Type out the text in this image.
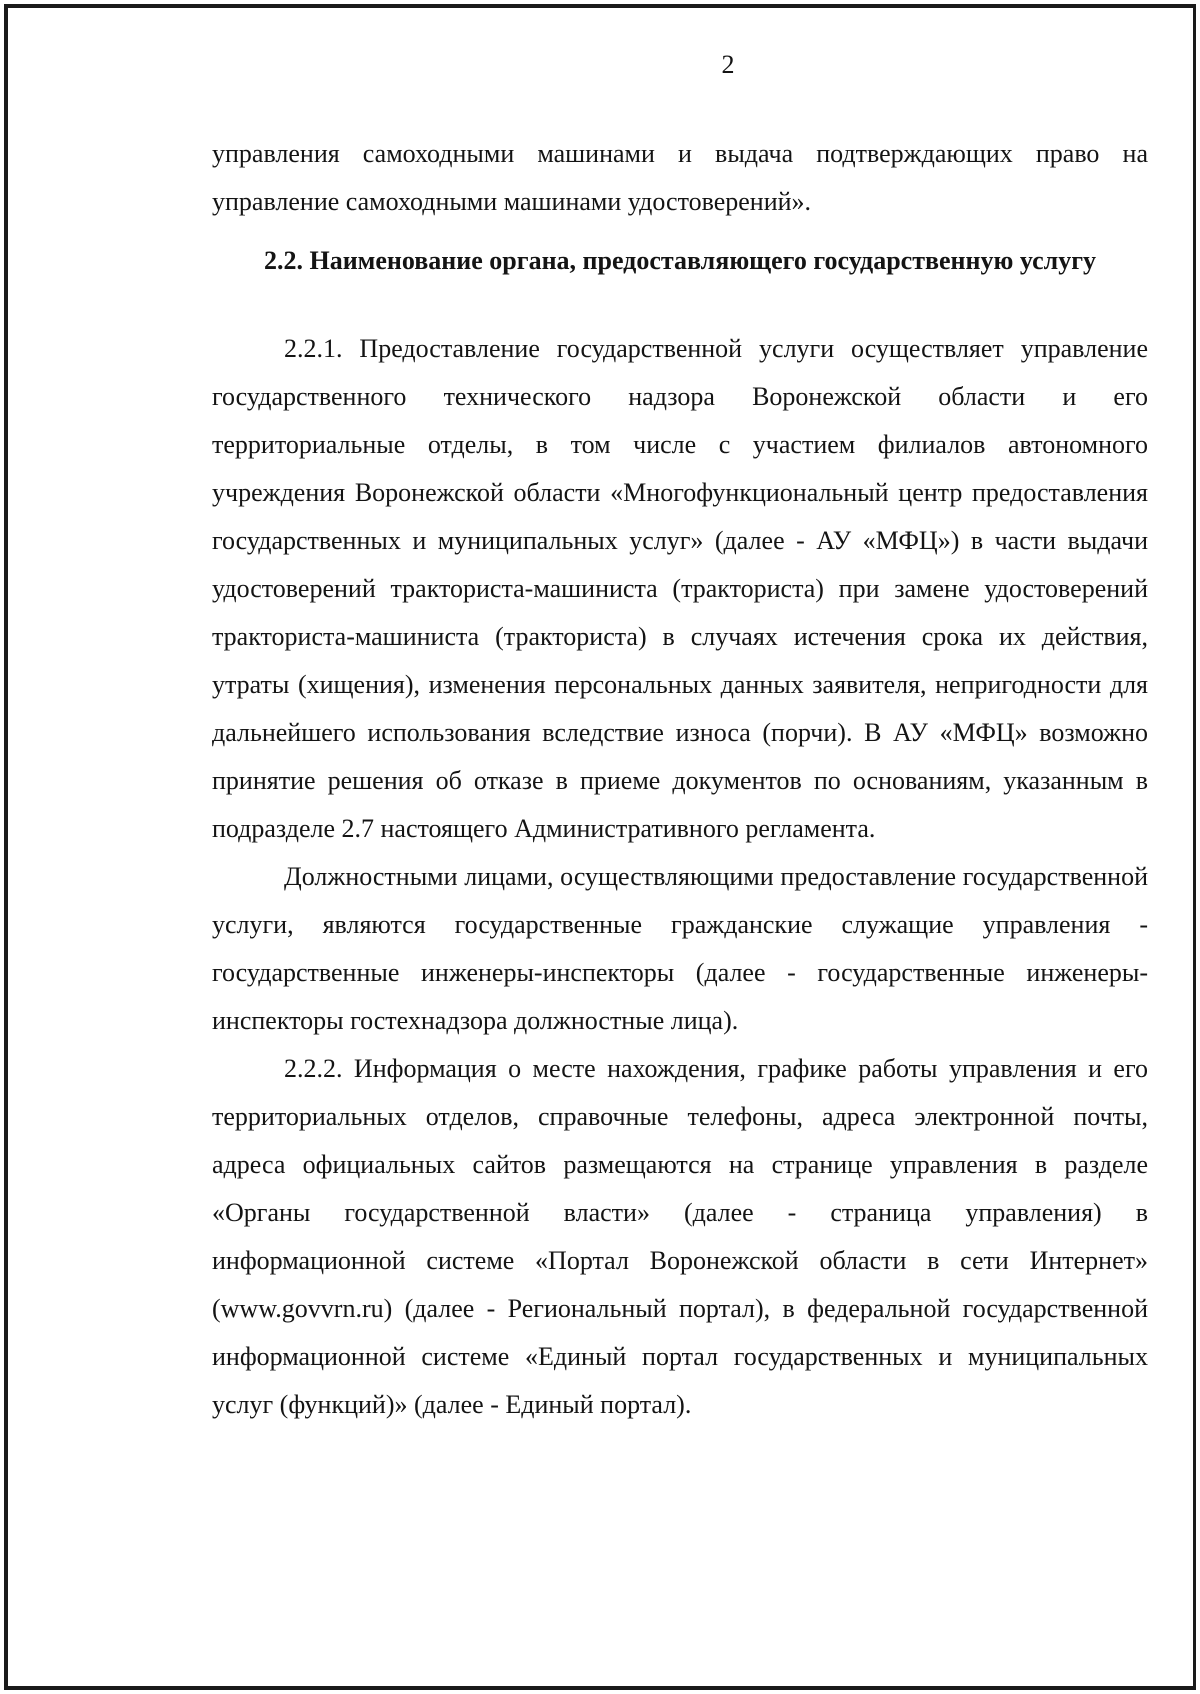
2

управления самоходными машинами и выдача подтверждающих право на управление самоходными машинами удостоверений».

2.2. Наименование органа, предоставляющего государственную услугу

2.2.1. Предоставление государственной услуги осуществляет управление государственного технического надзора Воронежской области и его территориальные отделы, в том числе с участием филиалов автономного учреждения Воронежской области «Многофункциональный центр предоставления государственных и муниципальных услуг» (далее - АУ «МФЦ») в части выдачи удостоверений тракториста-машиниста (тракториста) при замене удостоверений тракториста-машиниста (тракториста) в случаях истечения срока их действия, утраты (хищения), изменения персональных данных заявителя, непригодности для дальнейшего использования вследствие износа (порчи). В АУ «МФЦ» возможно принятие решения об отказе в приеме документов по основаниям, указанным в подразделе 2.7 настоящего Административного регламента.

Должностными лицами, осуществляющими предоставление государственной услуги, являются государственные гражданские служащие управления - государственные инженеры-инспекторы (далее - государственные инженеры-инспекторы гостехнадзора должностные лица).

2.2.2. Информация о месте нахождения, графике работы управления и его территориальных отделов, справочные телефоны, адреса электронной почты, адреса официальных сайтов размещаются на странице управления в разделе «Органы государственной власти» (далее - страница управления) в информационной системе «Портал Воронежской области в сети Интернет» (www.govvrn.ru) (далее - Региональный портал), в федеральной государственной информационной системе «Единый портал государственных и муниципальных услуг (функций)» (далее - Единый портал).
